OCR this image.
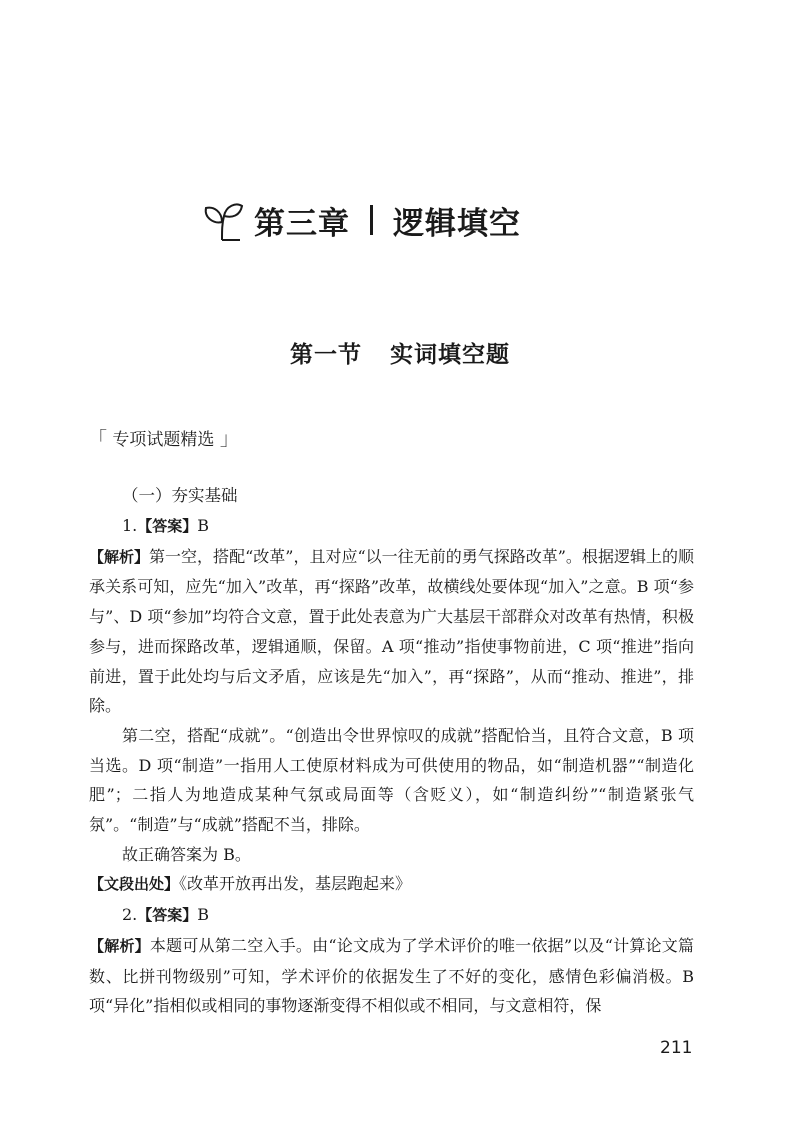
第三章 逻辑填空
第一节 实词填空题
「 专项试题精选 」
（一）夯实基础

1.【答案】B

【解析】第一空，搭配“改革”，且对应“以一往无前的勇气探路改革”。根据逻辑上的顺承关系可知，应先“加入”改革，再“探路”改革，故横线处要体现“加入”之意。B 项“参与”、D 项“参加”均符合文意，置于此处表意为广大基层干部群众对改革有热情，积极参与，进而探路改革，逻辑通顺，保留。A 项“推动”指使事物前进，C 项“推进”指向前进，置于此处均与后文矛盾，应该是先“加入”，再“探路”，从而“推动、推进”，排除。

第二空，搭配“成就”。“创造出令世界惊叹的成就”搭配恰当，且符合文意，B 项当选。D 项“制造”一指用人工使原材料成为可供使用的物品，如“制造机器”“制造化肥”；二指人为地造成某种气氛或局面等（含贬义），如“制造纠纷”“制造紧张气氛”。“制造”与“成就”搭配不当，排除。

故正确答案为 B。

【文段出处】《改革开放再出发，基层跑起来》

2.【答案】B

【解析】本题可从第二空入手。由“论文成为了学术评价的唯一依据”以及“计算论文篇数、比拼刊物级别”可知，学术评价的依据发生了不好的变化，感情色彩偏消极。B 项“异化”指相似或相同的事物逐渐变得不相似或不相同，与文意相符，保

211
